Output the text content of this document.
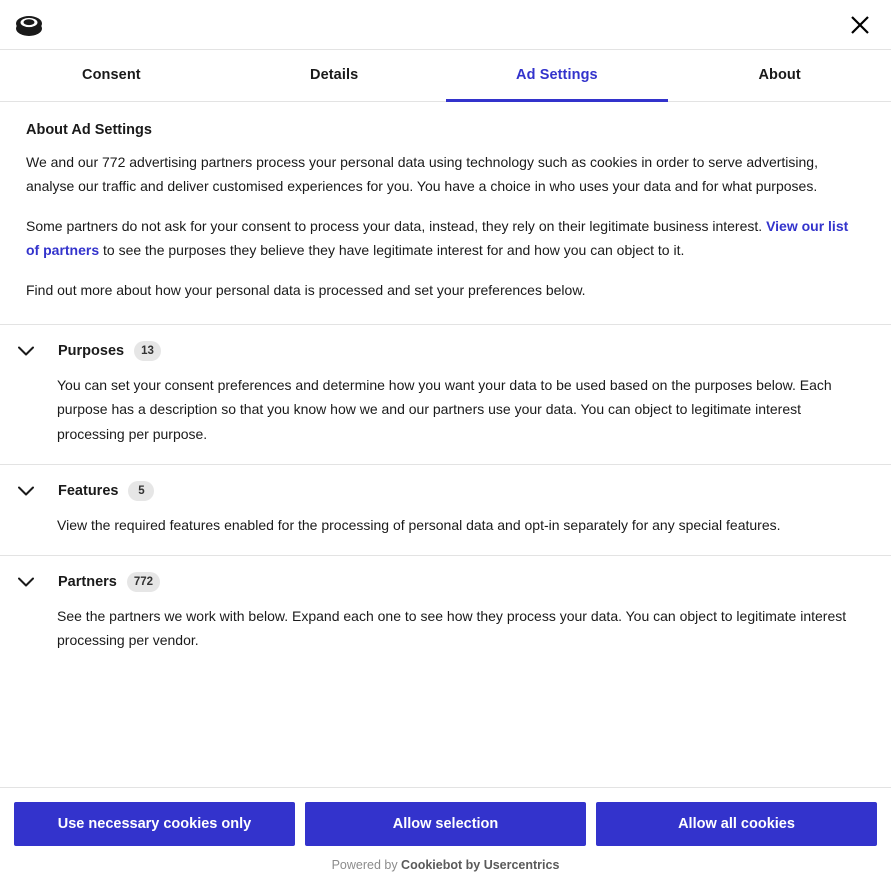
Consent	Details	Ad Settings	About
About Ad Settings

We and our 772 advertising partners process your personal data using technology such as cookies in order to serve advertising, analyse our traffic and deliver customised experiences for you. You have a choice in who uses your data and for what purposes.

Some partners do not ask for your consent to process your data, instead, they rely on their legitimate business interest. View our list of partners to see the purposes they believe they have legitimate interest for and how you can object to it.

Find out more about how your personal data is processed and set your preferences below.

Purposes	13
You can set your consent preferences and determine how you want your data to be used based on the purposes below. Each purpose has a description so that you know how we and our partners use your data. You can object to legitimate interest processing per purpose.
Features	5
View the required features enabled for the processing of personal data and opt-in separately for any special features.
Partners	772
See the partners we work with below. Expand each one to see how they process your data. You can object to legitimate interest processing per vendor.
Use necessary cookies only	Allow selection	Allow all cookies
Powered by Cookiebot by Usercentrics
